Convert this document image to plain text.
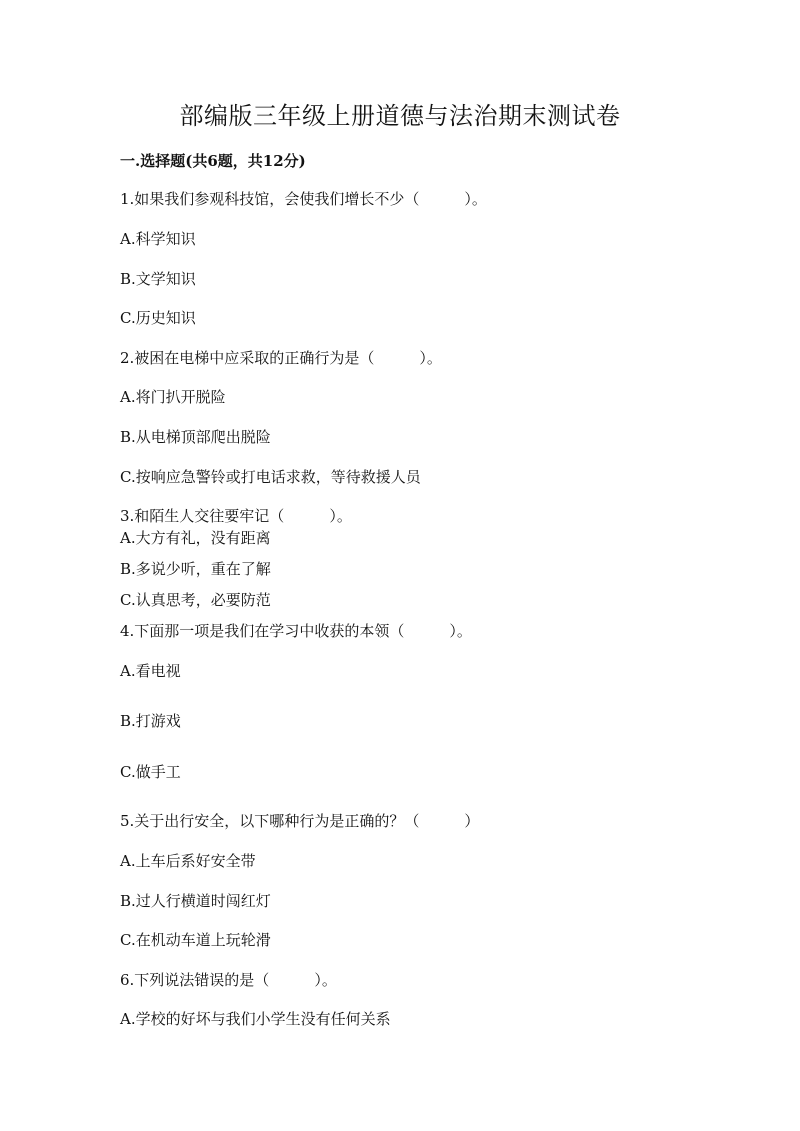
部编版三年级上册道德与法治期末测试卷
一.选择题(共6题，共12分)
1.如果我们参观科技馆，会使我们增长不少（　　　）。
A.科学知识
B.文学知识
C.历史知识
2.被困在电梯中应采取的正确行为是（　　　）。
A.将门扒开脱险
B.从电梯顶部爬出脱险
C.按响应急警铃或打电话求救，等待救援人员
3.和陌生人交往要牢记（　　　）。
A.大方有礼，没有距离
B.多说少听，重在了解
C.认真思考，必要防范
4.下面那一项是我们在学习中收获的本领（　　　）。
A.看电视
B.打游戏
C.做手工
5.关于出行安全，以下哪种行为是正确的？（　　　）
A.上车后系好安全带
B.过人行横道时闯红灯
C.在机动车道上玩轮滑
6.下列说法错误的是（　　　）。
A.学校的好坏与我们小学生没有任何关系
